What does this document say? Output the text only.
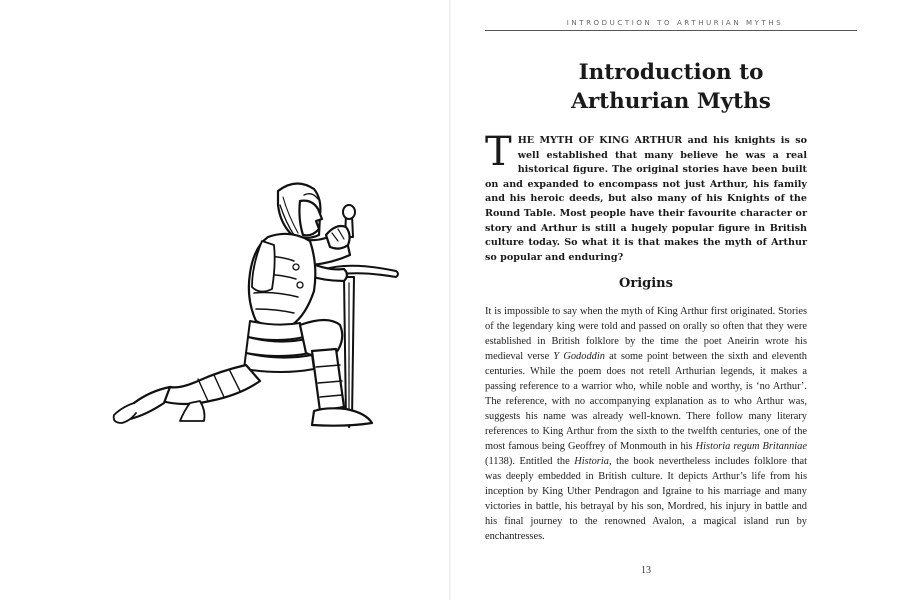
INTRODUCTION TO ARTHURIAN MYTHS
Introduction to
Arthurian Myths
THE MYTH OF KING ARTHUR and his knights is so well established that many believe he was a real historical figure. The original stories have been built on and expanded to encompass not just Arthur, his family and his heroic deeds, but also many of his Knights of the Round Table. Most people have their favourite character or story and Arthur is still a hugely popular figure in British culture today. So what it is that makes the myth of Arthur so popular and enduring?
Origins
It is impossible to say when the myth of King Arthur first originated. Stories of the legendary king were told and passed on orally so often that they were established in British folklore by the time the poet Aneirin wrote his medieval verse Y Gododdin at some point between the sixth and eleventh centuries. While the poem does not retell Arthurian legends, it makes a passing reference to a warrior who, while noble and worthy, is ‘no Arthur’. The reference, with no accompanying explanation as to who Arthur was, suggests his name was already well-known. There follow many literary references to King Arthur from the sixth to the twelfth centuries, one of the most famous being Geoffrey of Monmouth in his Historia regum Britanniae (1138). Entitled the Historia, the book nevertheless includes folklore that was deeply embedded in British culture. It depicts Arthur’s life from his inception by King Uther Pendragon and Igraine to his marriage and many victories in battle, his betrayal by his son, Mordred, his injury in battle and his final journey to the renowned Avalon, a magical island run by enchantresses.
13
